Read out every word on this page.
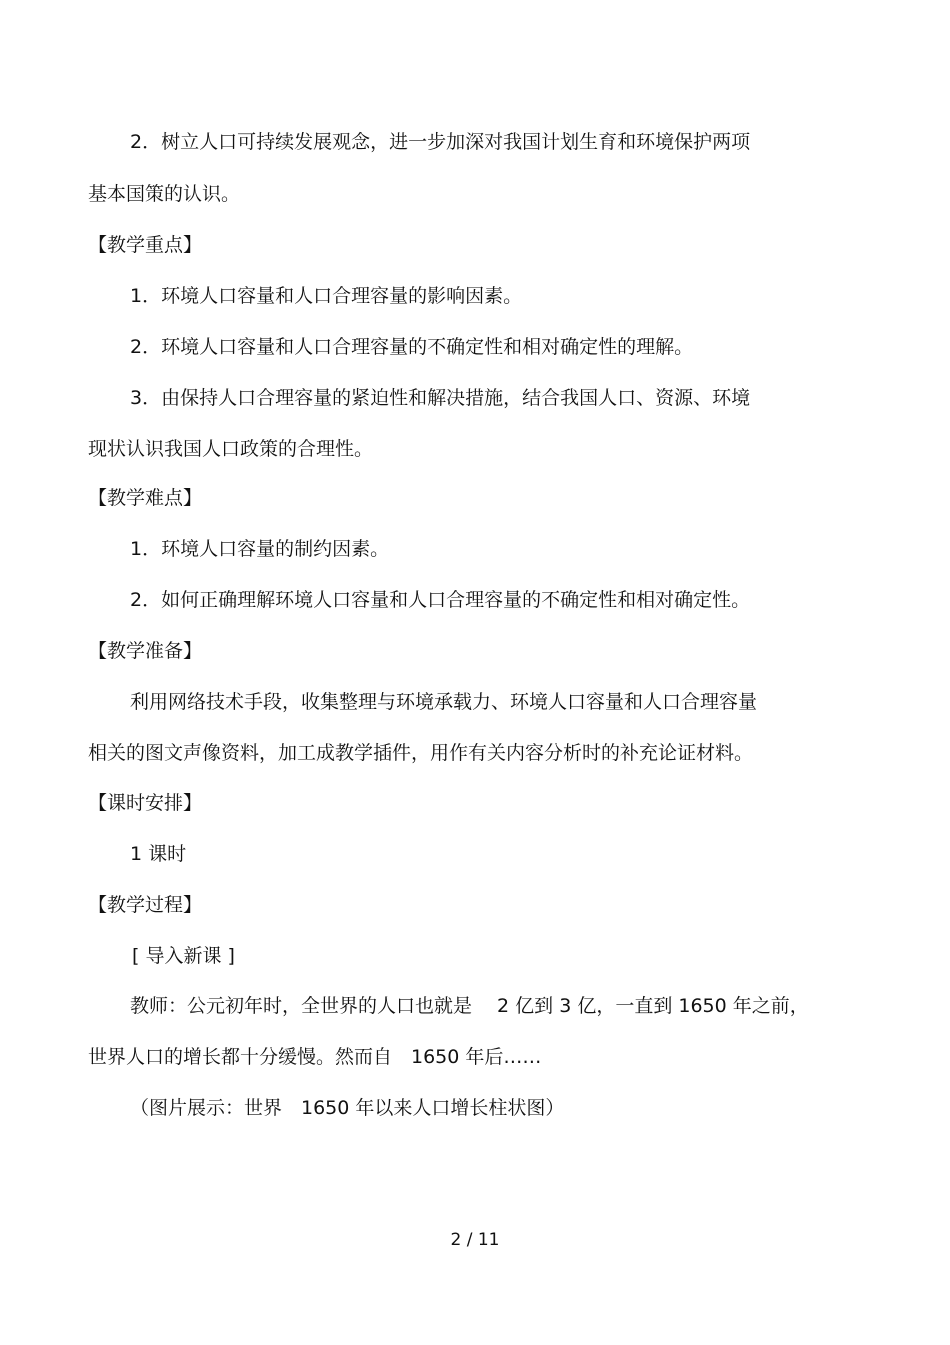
2．树立人口可持续发展观念，进一步加深对我国计划生育和环境保护两项
基本国策的认识。
【教学重点】
1．环境人口容量和人口合理容量的影响因素。
2．环境人口容量和人口合理容量的不确定性和相对确定性的理解。
3．由保持人口合理容量的紧迫性和解决措施，结合我国人口、资源、环境
现状认识我国人口政策的合理性。
【教学难点】
1．环境人口容量的制约因素。
2．如何正确理解环境人口容量和人口合理容量的不确定性和相对确定性。
【教学准备】
利用网络技术手段，收集整理与环境承载力、环境人口容量和人口合理容量
相关的图文声像资料，加工成教学插件，用作有关内容分析时的补充论证材料。
【课时安排】
1 课时
【教学过程】
[ 导入新课 ]
教师：公元初年时，全世界的人口也就是　 2 亿到 3 亿，一直到 1650 年之前，
世界人口的增长都十分缓慢。然而自　1650 年后……
（图片展示：世界　1650 年以来人口增长柱状图）
2 / 11
